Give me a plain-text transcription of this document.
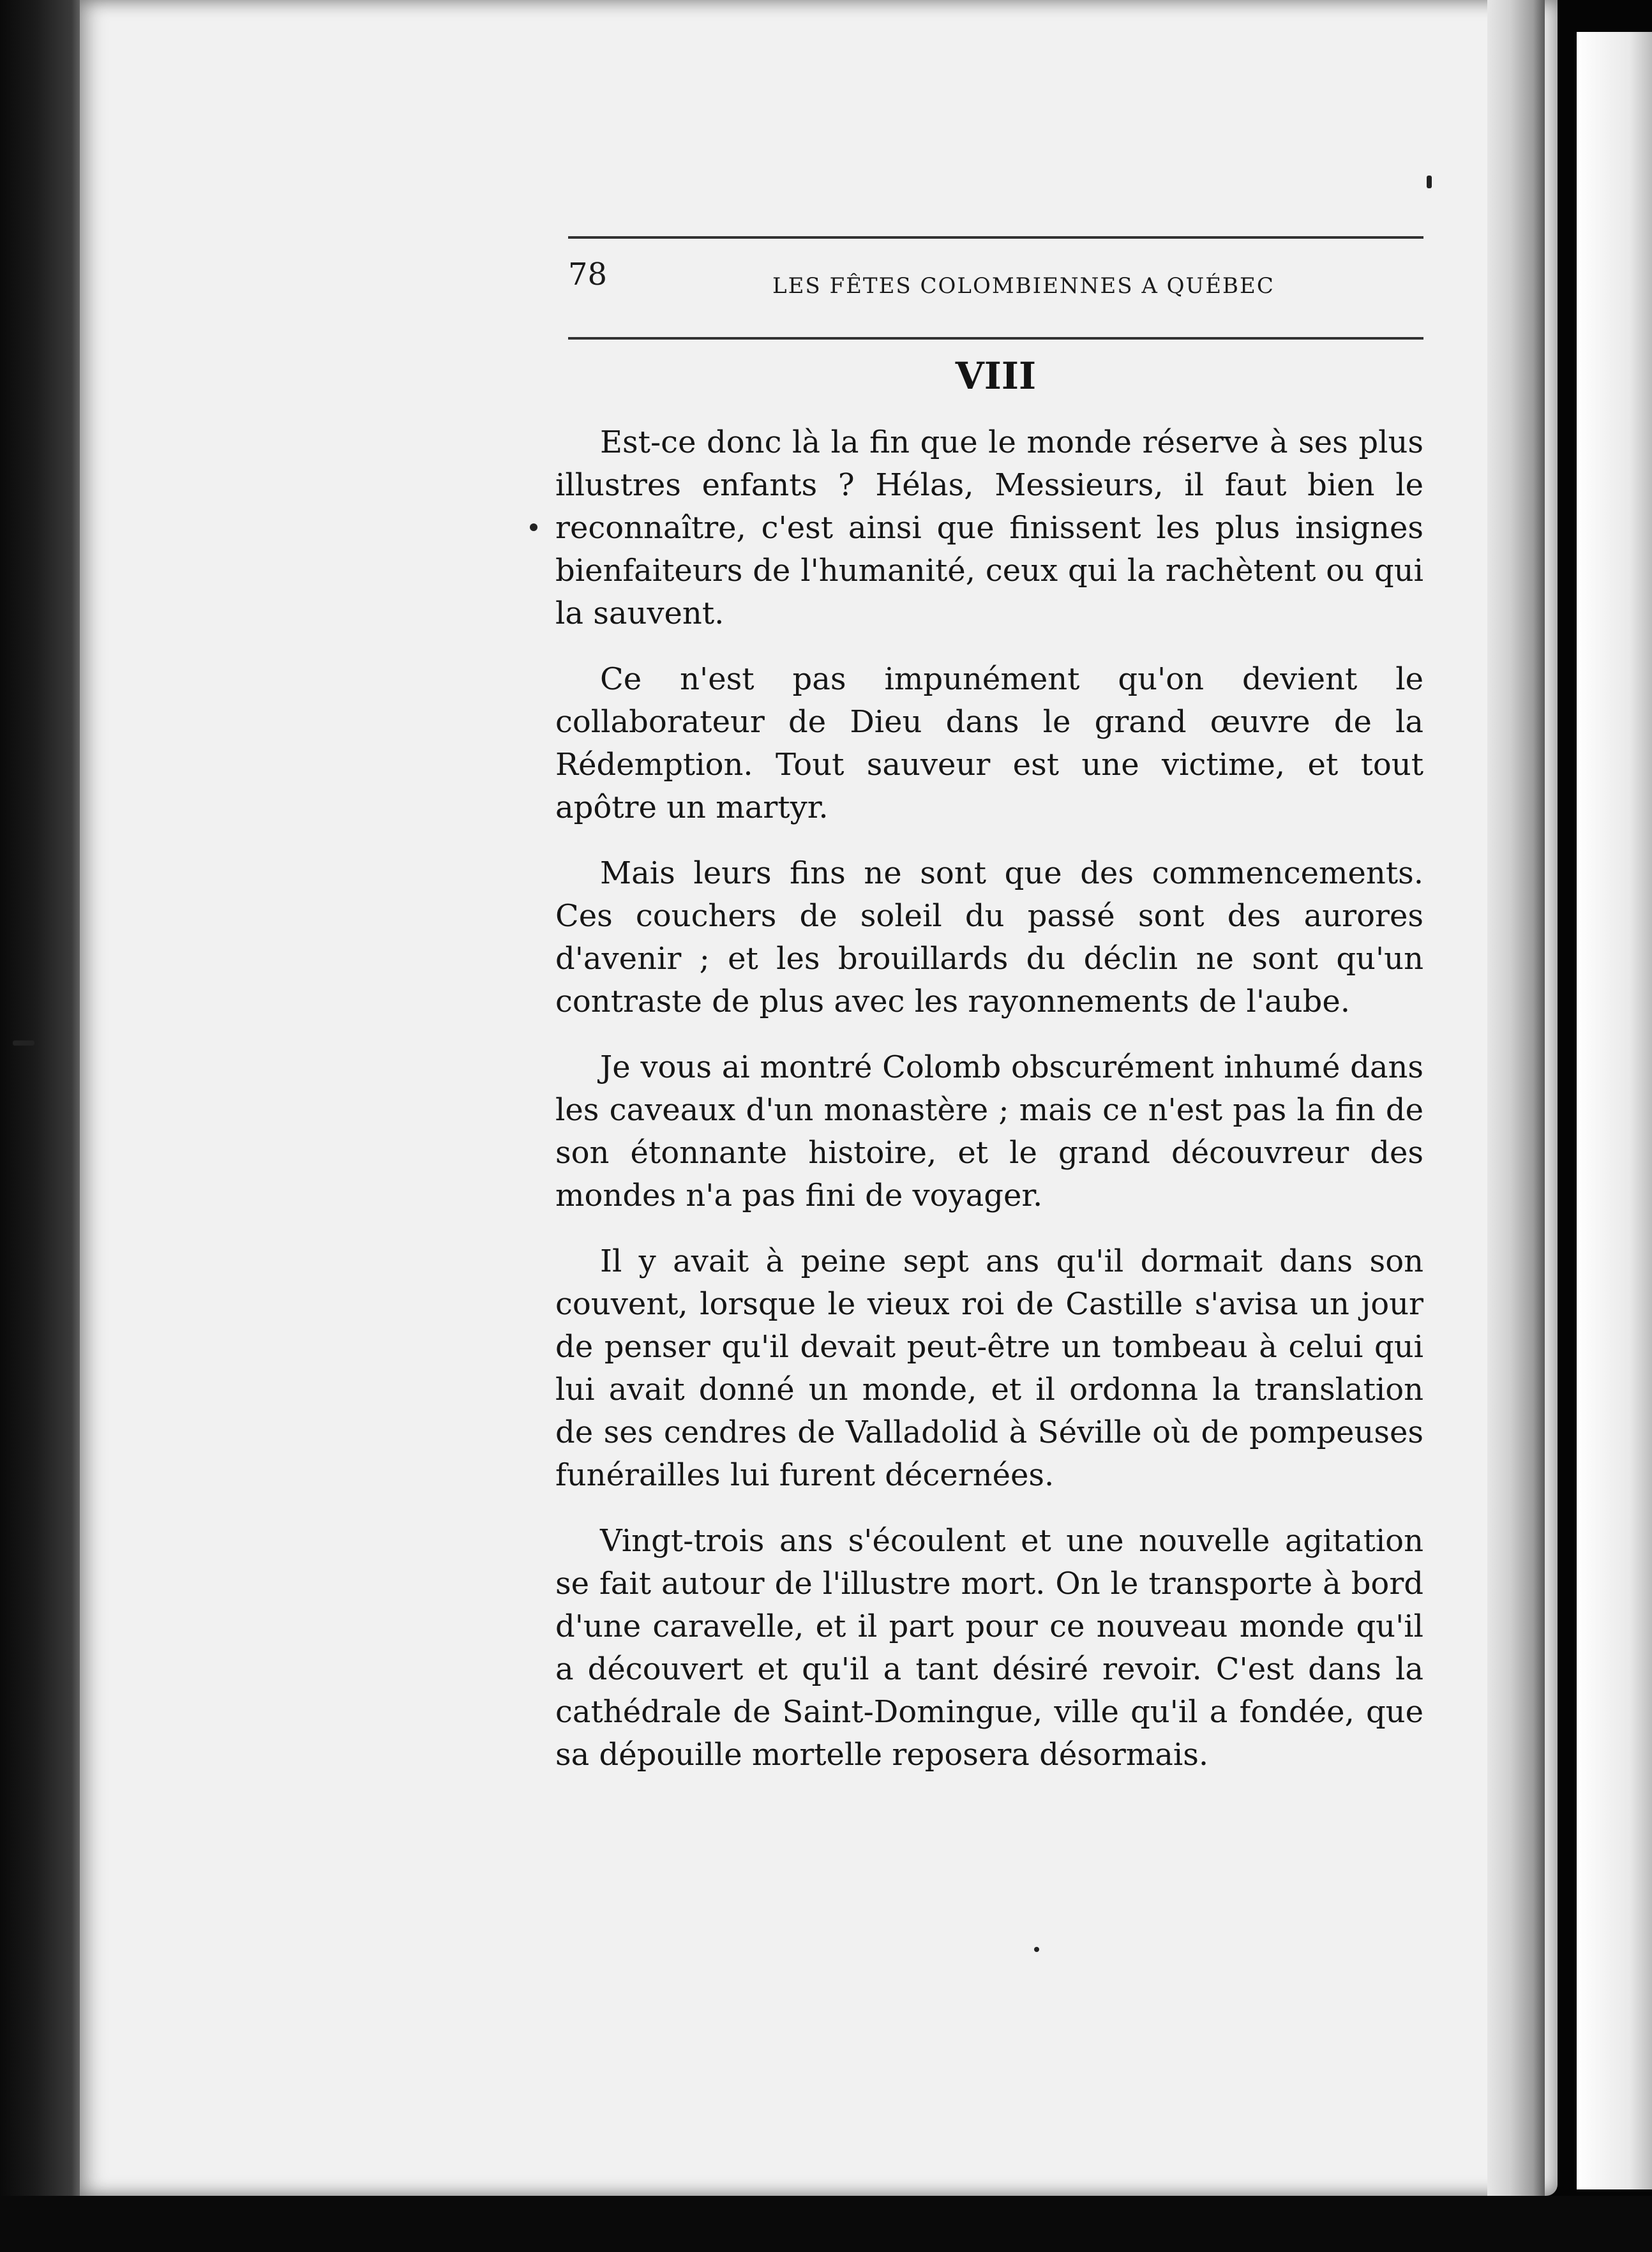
78	LES FÊTES COLOMBIENNES A QUÉBEC
VIII

Est-ce donc là la fin que le monde réserve à ses plus illustres enfants ? Hélas, Messieurs, il faut bien le reconnaître, c'est ainsi que finissent les plus insignes bienfaiteurs de l'humanité, ceux qui la rachètent ou qui la sauvent.

Ce n'est pas impunément qu'on devient le collaborateur de Dieu dans le grand œuvre de la Rédemption. Tout sauveur est une victime, et tout apôtre un martyr.

Mais leurs fins ne sont que des commencements. Ces couchers de soleil du passé sont des aurores d'avenir ; et les brouillards du déclin ne sont qu'un contraste de plus avec les rayonnements de l'aube.

Je vous ai montré Colomb obscurément inhumé dans les caveaux d'un monastère ; mais ce n'est pas la fin de son étonnante histoire, et le grand découvreur des mondes n'a pas fini de voyager.

Il y avait à peine sept ans qu'il dormait dans son couvent, lorsque le vieux roi de Castille s'avisa un jour de penser qu'il devait peut-être un tombeau à celui qui lui avait donné un monde, et il ordonna la translation de ses cendres de Valladolid à Séville où de pompeuses funérailles lui furent décernées.

Vingt-trois ans s'écoulent et une nouvelle agitation se fait autour de l'illustre mort. On le transporte à bord d'une caravelle, et il part pour ce nouveau monde qu'il a découvert et qu'il a tant désiré revoir. C'est dans la cathédrale de Saint-Domingue, ville qu'il a fondée, que sa dépouille mortelle reposera désormais.
